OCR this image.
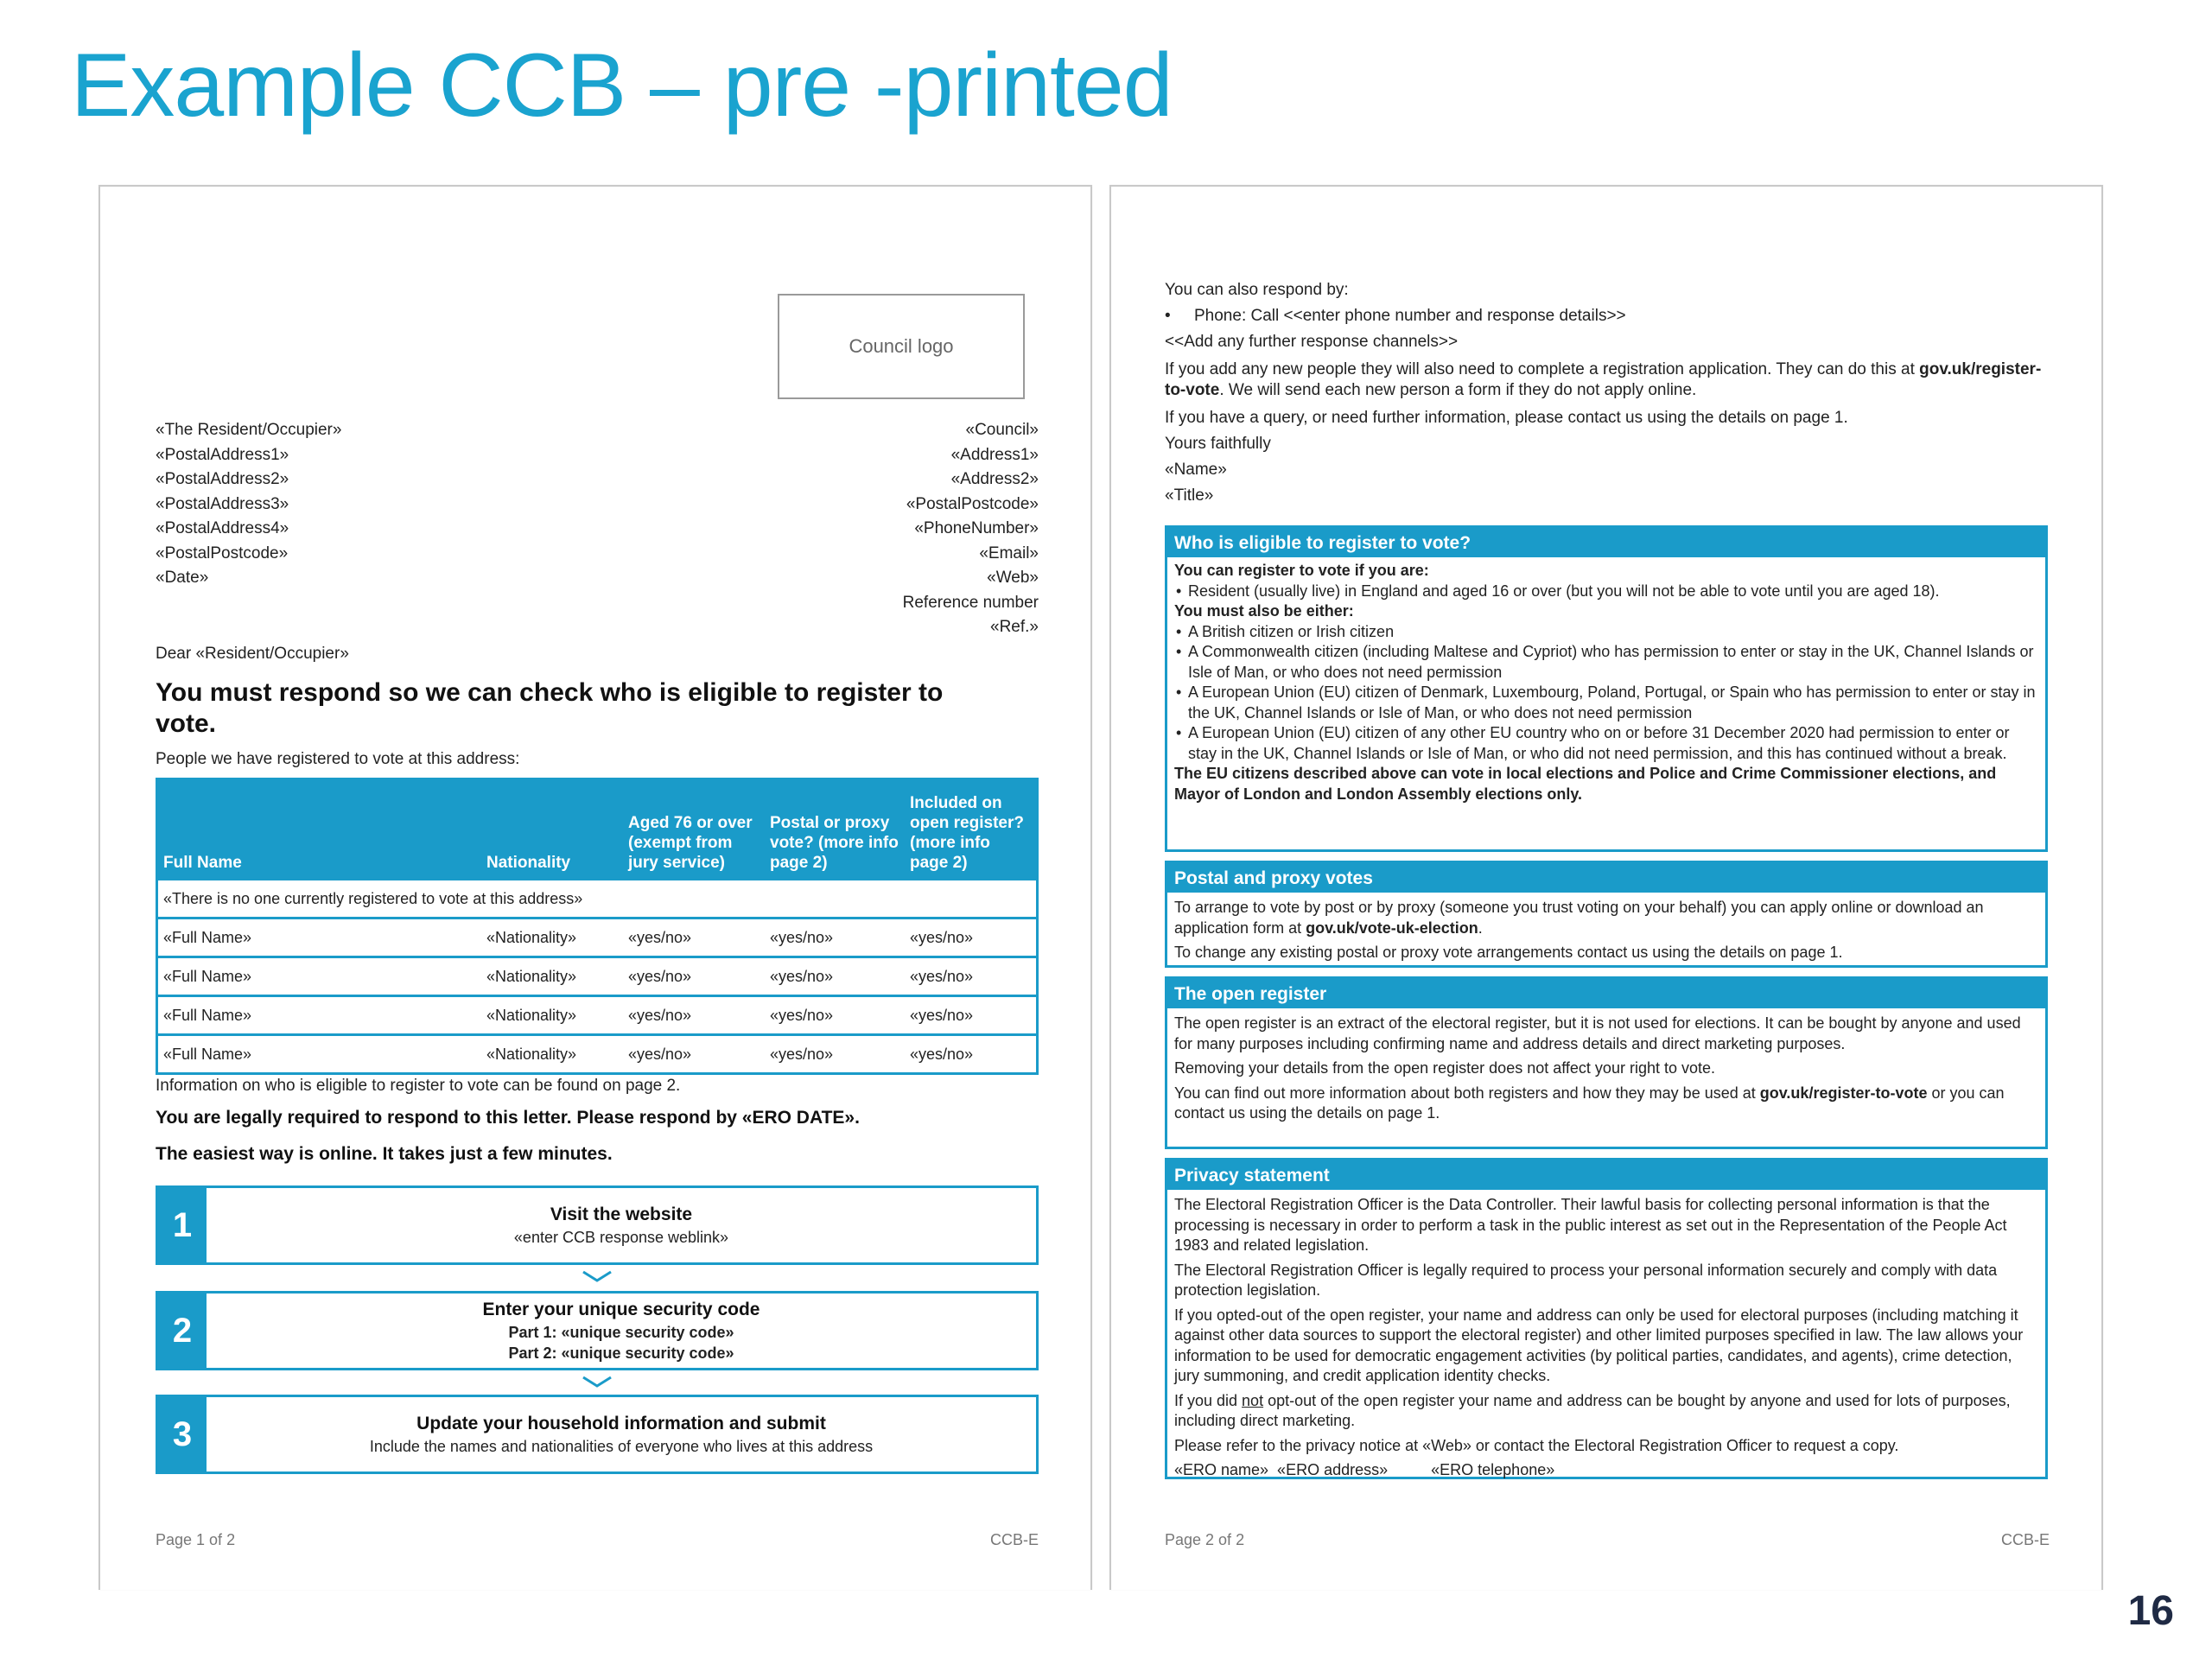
Example CCB – pre -printed
Council logo
«The Resident/Occupier»
«PostalAddress1»
«PostalAddress2»
«PostalAddress3»
«PostalAddress4»
«PostalPostcode»
«Date»
«Council»
«Address1»
«Address2»
«PostalPostcode»
«PhoneNumber»
«Email»
«Web»
Reference number
«Ref.»
Dear «Resident/Occupier»
You must respond so we can check who is eligible to register to vote.
People we have registered to vote at this address:
Full Name	Nationality	Aged 76 or over (exempt from jury service)	Postal or proxy vote? (more info page 2)	Included on open register? (more info page 2)
«There is no one currently registered to vote at this address»				
«Full Name»	«Nationality»	«yes/no»	«yes/no»	«yes/no»
«Full Name»	«Nationality»	«yes/no»	«yes/no»	«yes/no»
«Full Name»	«Nationality»	«yes/no»	«yes/no»	«yes/no»
«Full Name»	«Nationality»	«yes/no»	«yes/no»	«yes/no»
Information on who is eligible to register to vote can be found on page 2.
You are legally required to respond to this letter. Please respond by «ERO DATE».
The easiest way is online. It takes just a few minutes.
1	Visit the website
«enter CCB response weblink»
2
Enter your unique security code
Part 1: «unique security code»
Part 2: «unique security code»
3	Update your household information and submit
Include the names and nationalities of everyone who lives at this address
Page 1 of 2	CCB-E
You can also respond by:
• Phone: Call <<enter phone number and response details>>
<<Add any further response channels>>
If you add any new people they will also need to complete a registration application. They can do this at gov.uk/register-to-vote. We will send each new person a form if they do not apply online.
If you have a query, or need further information, please contact us using the details on page 1.
Yours faithfully
«Name»
«Title»
Who is eligible to register to vote?
You can register to vote if you are:
• Resident (usually live) in England and aged 16 or over (but you will not be able to vote until you are aged 18).
You must also be either:
• A British citizen or Irish citizen
• A Commonwealth citizen (including Maltese and Cypriot) who has permission to enter or stay in the UK, Channel Islands or Isle of Man, or who does not need permission
• A European Union (EU) citizen of Denmark, Luxembourg, Poland, Portugal, or Spain who has permission to enter or stay in the UK, Channel Islands or Isle of Man, or who does not need permission
• A European Union (EU) citizen of any other EU country who on or before 31 December 2020 had permission to enter or stay in the UK, Channel Islands or Isle of Man, or who did not need permission, and this has continued without a break.
The EU citizens described above can vote in local elections and Police and Crime Commissioner elections, and Mayor of London and London Assembly elections only.
Postal and proxy votes

To arrange to vote by post or by proxy (someone you trust voting on your behalf) you can apply online or download an application form at gov.uk/vote-uk-election.

To change any existing postal or proxy vote arrangements contact us using the details on page 1.

The open register

The open register is an extract of the electoral register, but it is not used for elections. It can be bought by anyone and used for many purposes including confirming name and address details and direct marketing purposes.

Removing your details from the open register does not affect your right to vote.

You can find out more information about both registers and how they may be used at gov.uk/register-to-vote or you can contact us using the details on page 1.

Privacy statement

The Electoral Registration Officer is the Data Controller. Their lawful basis for collecting personal information is that the processing is necessary in order to perform a task in the public interest as set out in the Representation of the People Act 1983 and related legislation.

The Electoral Registration Officer is legally required to process your personal information securely and comply with data protection legislation.

If you opted-out of the open register, your name and address can only be used for electoral purposes (including matching it against other data sources to support the electoral register) and other limited purposes specified in law. The law allows your information to be used for democratic engagement activities (by political parties, candidates, and agents), crime detection, jury summoning, and credit application identity checks.

If you did not opt-out of the open register your name and address can be bought by anyone and used for lots of purposes, including direct marketing.

Please refer to the privacy notice at «Web» or contact the Electoral Registration Officer to request a copy.

«ERO name»  «ERO address»          «ERO telephone»

Page 2 of 2	CCB-E
16
